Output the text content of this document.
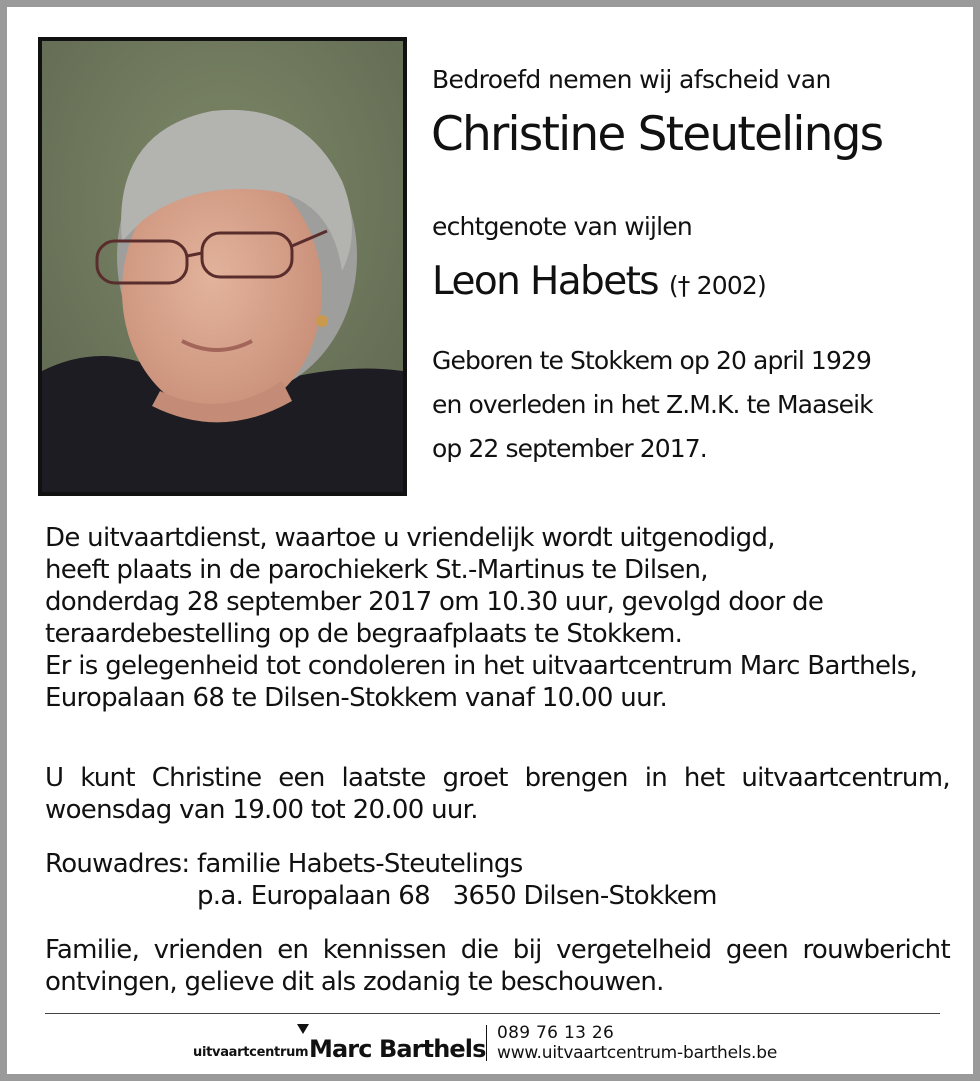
Bedroefd nemen wij afscheid van
Christine Steutelings
echtgenote van wijlen
Leon Habets († 2002)
Geboren te Stokkem op 20 april 1929
en overleden in het Z.M.K. te Maaseik
op 22 september 2017.
De uitvaartdienst, waartoe u vriendelijk wordt uitgenodigd,
heeft plaats in de parochiekerk St.-Martinus te Dilsen,
donderdag 28 september 2017 om 10.30 uur, gevolgd door de
teraardebestelling op de begraafplaats te Stokkem.
Er is gelegenheid tot condoleren in het uitvaartcentrum Marc Barthels,
Europalaan 68 te Dilsen-Stokkem vanaf 10.00 uur.
U kunt Christine een laatste groet brengen in het uitvaartcentrum,
woensdag van 19.00 tot 20.00 uur.
Rouwadres: familie Habets-Steutelings
p.a. Europalaan 68   3650 Dilsen-Stokkem
Familie, vrienden en kennissen die bij vergetelheid geen rouwbericht
ontvingen, gelieve dit als zodanig te beschouwen.
uitvaartcentrum Marc Barthels
089 76 13 26
www.uitvaartcentrum-barthels.be
